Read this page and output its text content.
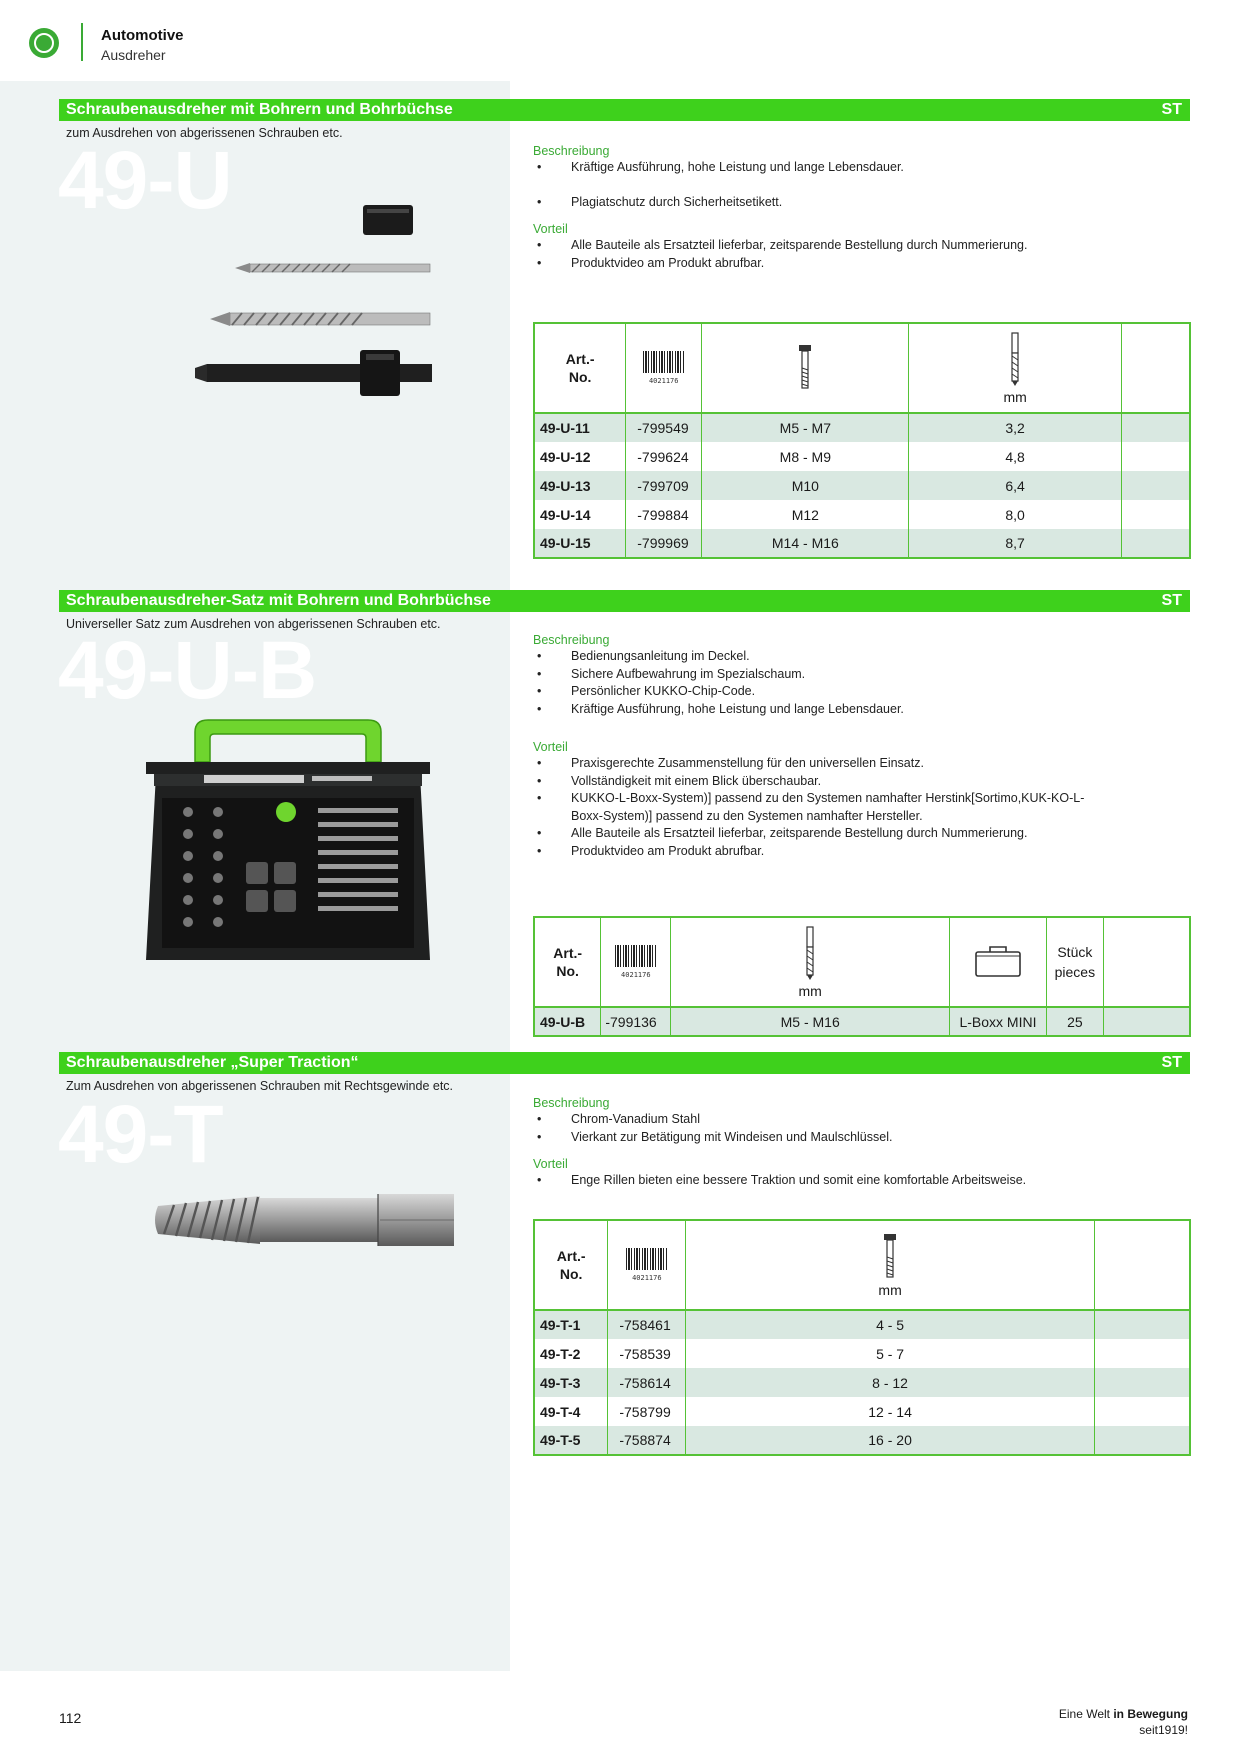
Automotive
Ausdreher
Schraubenausdreher mit Bohrern und Bohrbüchse	ST
zum Ausdrehen von abgerissenen Schrauben etc.
49-U	Beschreibung
• Kräftige Ausführung, hohe Leistung und lange Lebensdauer.
• Plagiatschutz durch Sicherheitsetikett.
Vorteil
• Alle Bauteile als Ersatzteil lieferbar, zeitsparende Bestellung durch Nummerierung.
• Produktvideo am Produkt abrufbar.
Art.-
No.	4021176		mm	

49-U-11	-799549	M5 - M7	3,2	
49-U-12	-799624	M8 - M9	4,8	
49-U-13	-799709	M10	6,4	
49-U-14	-799884	M12	8,0	
49-U-15	-799969	M14 - M16	8,7	
Schraubenausdreher-Satz mit Bohrern und Bohrbüchse	ST
Universeller Satz zum Ausdrehen von abgerissenen Schrauben etc.
49-U-B	Beschreibung
• Bedienungsanleitung im Deckel.
• Sichere Aufbewahrung im Spezialschaum.
• Persönlicher KUKKO-Chip-Code.
• Kräftige Ausführung, hohe Leistung und lange Lebensdauer.
Vorteil
• Praxisgerechte Zusammenstellung für den universellen Einsatz.
• Vollständigkeit mit einem Blick überschaubar.
• KUKKO-L-Boxx-System)] passend zu den Systemen namhafter Herstink[Sortimo,KUK-KO-L-Boxx-System)] passend zu den Systemen namhafter Hersteller.
• Alle Bauteile als Ersatzteil lieferbar, zeitsparende Bestellung durch Nummerierung.
• Produktvideo am Produkt abrufbar.
Art.-
No.	4021176	mm		Stück
pieces	
49-U-B	-799136	M5 - M16	L-Boxx MINI	25	
Schraubenausdreher „Super Traction“	ST
Zum Ausdrehen von abgerissenen Schrauben mit Rechtsgewinde etc.
49-T	Beschreibung
• Chrom-Vanadium Stahl
• Vierkant zur Betätigung mit Windeisen und Maulschlüssel.
Vorteil
• Enge Rillen bieten eine bessere Traktion und somit eine komfortable Arbeitsweise.
Art.-
No.	4021176	mm	

49-T-1	-758461	4 - 5	
49-T-2	-758539	5 - 7	
49-T-3	-758614	8 - 12	
49-T-4	-758799	12 - 14	
49-T-5	-758874	16 - 20	
112	Eine Welt in Bewegung
seit1919!
